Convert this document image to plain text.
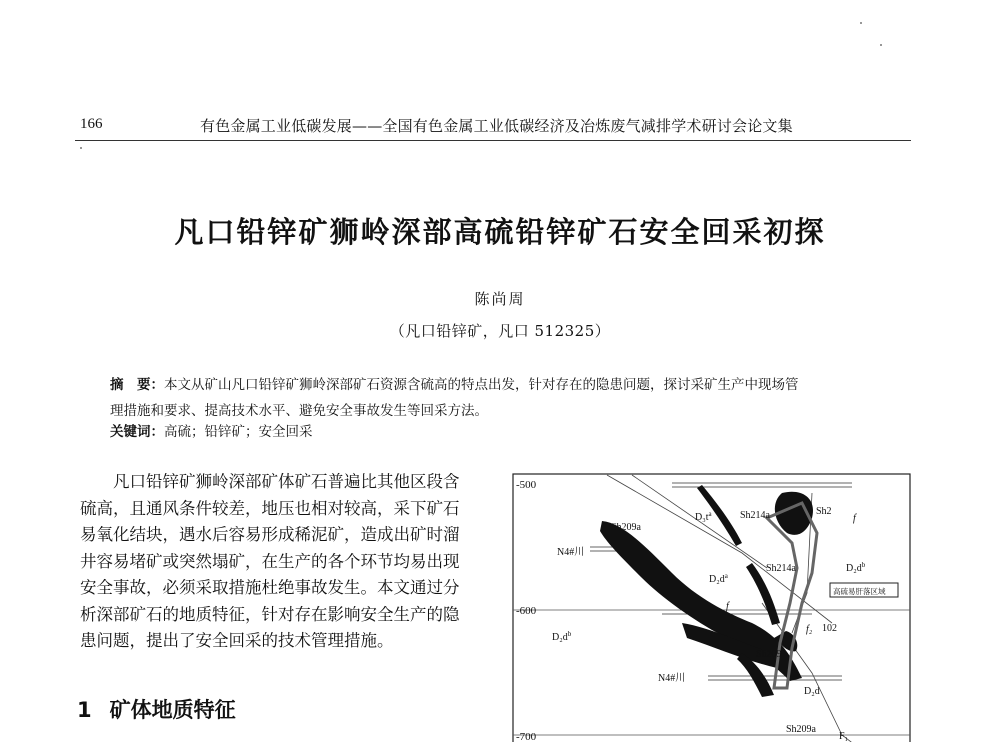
166	有色金属工业低碳发展——全国有色金属工业低碳经济及冶炼废气减排学术研讨会论文集
凡口铅锌矿狮岭深部高硫铅锌矿石安全回采初探
陈尚周
（凡口铅锌矿，凡口 512325）
摘　要：本文从矿山凡口铅锌矿狮岭深部矿石资源含硫高的特点出发，针对存在的隐患问题，探讨采矿生产中现场管
理措施和要求、提高技术水平、避免安全事故发生等回采方法。
关键词：高硫；铅锌矿；安全回采
凡口铅锌矿狮岭深部矿体矿石普遍比其他区段含
硫高，且通风条件较差，地压也相对较高，采下矿石
易氧化结块，遇水后容易形成稀泥矿，造成出矿时溜
井容易堵矿或突然塌矿，在生产的各个环节均易出现
安全事故，必须采取措施杜绝事故发生。本文通过分
析深部矿石的地质特征，针对存在影响安全生产的隐
患问题，提出了安全回采的技术管理措施。
1 矿体地质特征
-500
-600
-700
Sh209a
N4#川
$D_3t^a$	Sh214a	Sh2
f
Sh214a
$D_2d^a$
$D_2d^b$
高硫易肝落区域
f
f₂ 102
$D_2d^b$
Sh209
N4#川
D₂d
Sh209a
F₁
